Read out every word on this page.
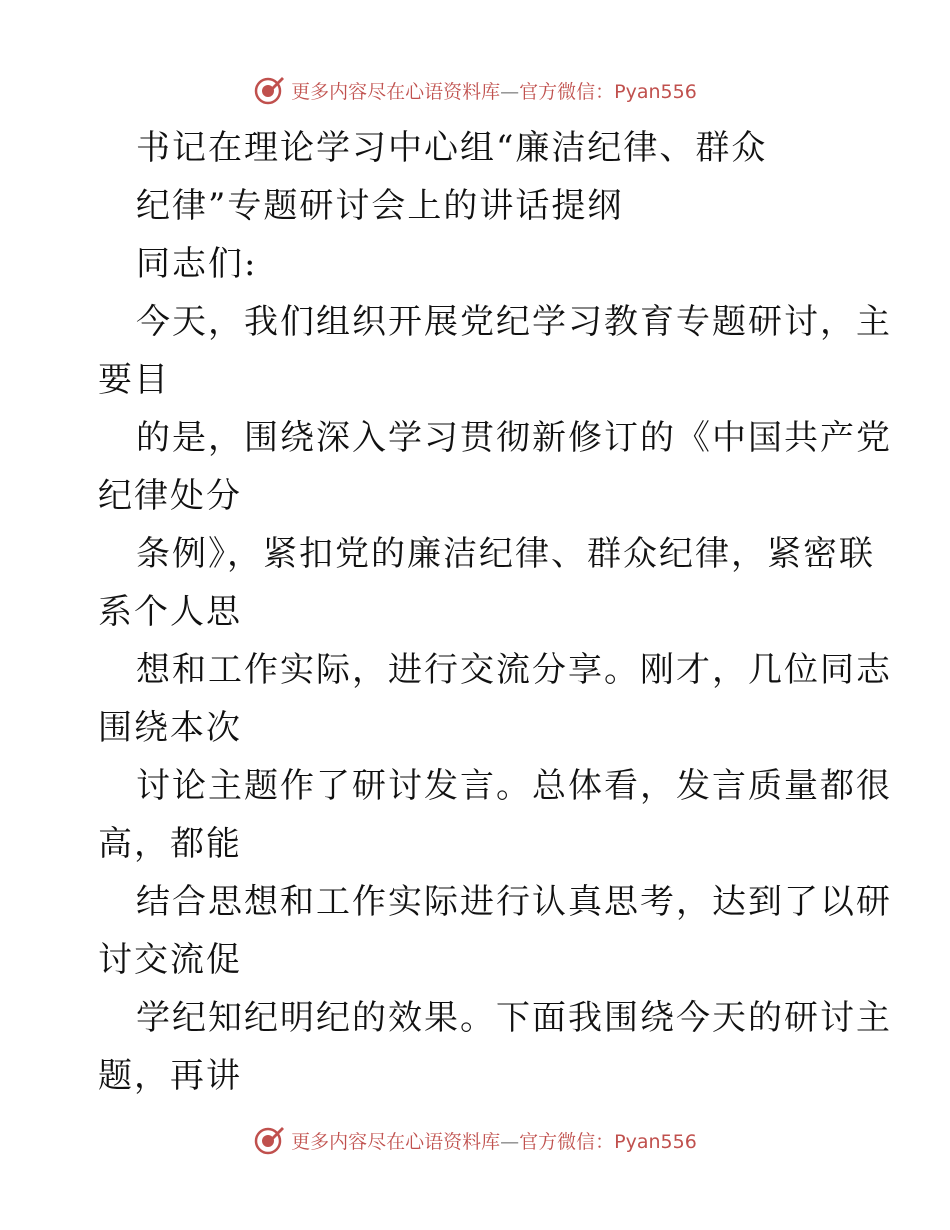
更多内容尽在心语资料库—官方微信：Pyan556
书记在理论学习中心组“廉洁纪律、群众
纪律”专题研讨会上的讲话提纲
同志们:
今天，我们组织开展党纪学习教育专题研讨，主
要目
的是，围绕深入学习贯彻新修订的《中国共产党
纪律处分
条例》，紧扣党的廉洁纪律、群众纪律，紧密联
系个人思
想和工作实际，进行交流分享。刚才，几位同志
围绕本次
讨论主题作了研讨发言。总体看，发言质量都很
高，都能
结合思想和工作实际进行认真思考，达到了以研
讨交流促
学纪知纪明纪的效果。下面我围绕今天的研讨主
题，再讲
更多内容尽在心语资料库—官方微信：Pyan556
